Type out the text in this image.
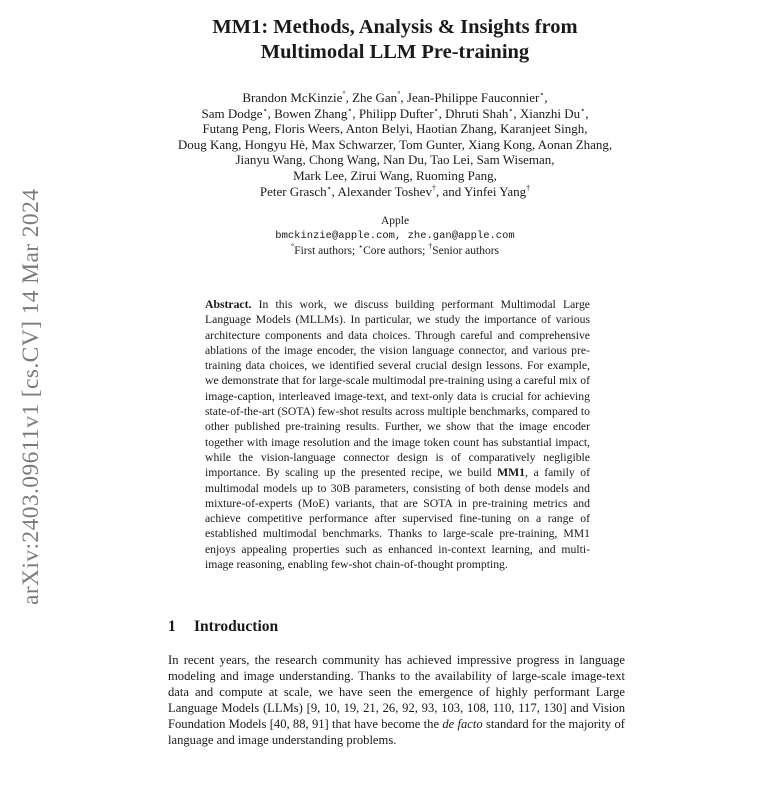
arXiv:2403.09611v1 [cs.CV] 14 Mar 2024
MM1: Methods, Analysis & Insights from
Multimodal LLM Pre-training
Brandon McKinzie°, Zhe Gan°, Jean-Philippe Fauconnier⋆,
Sam Dodge⋆, Bowen Zhang⋆, Philipp Dufter⋆, Dhruti Shah⋆, Xianzhi Du⋆,
Futang Peng, Floris Weers, Anton Belyi, Haotian Zhang, Karanjeet Singh,
Doug Kang, Hongyu Hè, Max Schwarzer, Tom Gunter, Xiang Kong, Aonan Zhang,
Jianyu Wang, Chong Wang, Nan Du, Tao Lei, Sam Wiseman,
Mark Lee, Zirui Wang, Ruoming Pang,
Peter Grasch⋆, Alexander Toshev†, and Yinfei Yang†
Apple
bmckinzie@apple.com, zhe.gan@apple.com
°First authors; ⋆Core authors; †Senior authors
Abstract. In this work, we discuss building performant Multimodal Large Language Models (MLLMs). In particular, we study the importance of various architecture components and data choices. Through careful and comprehensive ablations of the image encoder, the vision language connector, and various pre-training data choices, we identified several crucial design lessons. For example, we demonstrate that for large-scale multimodal pre-training using a careful mix of image-caption, interleaved image-text, and text-only data is crucial for achieving state-of-the-art (SOTA) few-shot results across multiple benchmarks, compared to other published pre-training results. Further, we show that the image encoder together with image resolution and the image token count has substantial impact, while the vision-language connector design is of comparatively negligible importance. By scaling up the presented recipe, we build MM1, a family of multimodal models up to 30B parameters, consisting of both dense models and mixture-of-experts (MoE) variants, that are SOTA in pre-training metrics and achieve competitive performance after supervised fine-tuning on a range of established multimodal benchmarks. Thanks to large-scale pre-training, MM1 enjoys appealing properties such as enhanced in-context learning, and multi-image reasoning, enabling few-shot chain-of-thought prompting.
1 Introduction
In recent years, the research community has achieved impressive progress in language modeling and image understanding. Thanks to the availability of large-scale image-text data and compute at scale, we have seen the emergence of highly performant Large Language Models (LLMs) [9, 10, 19, 21, 26, 92, 93, 103, 108, 110, 117, 130] and Vision Foundation Models [40, 88, 91] that have become the de facto standard for the majority of language and image understanding problems.
